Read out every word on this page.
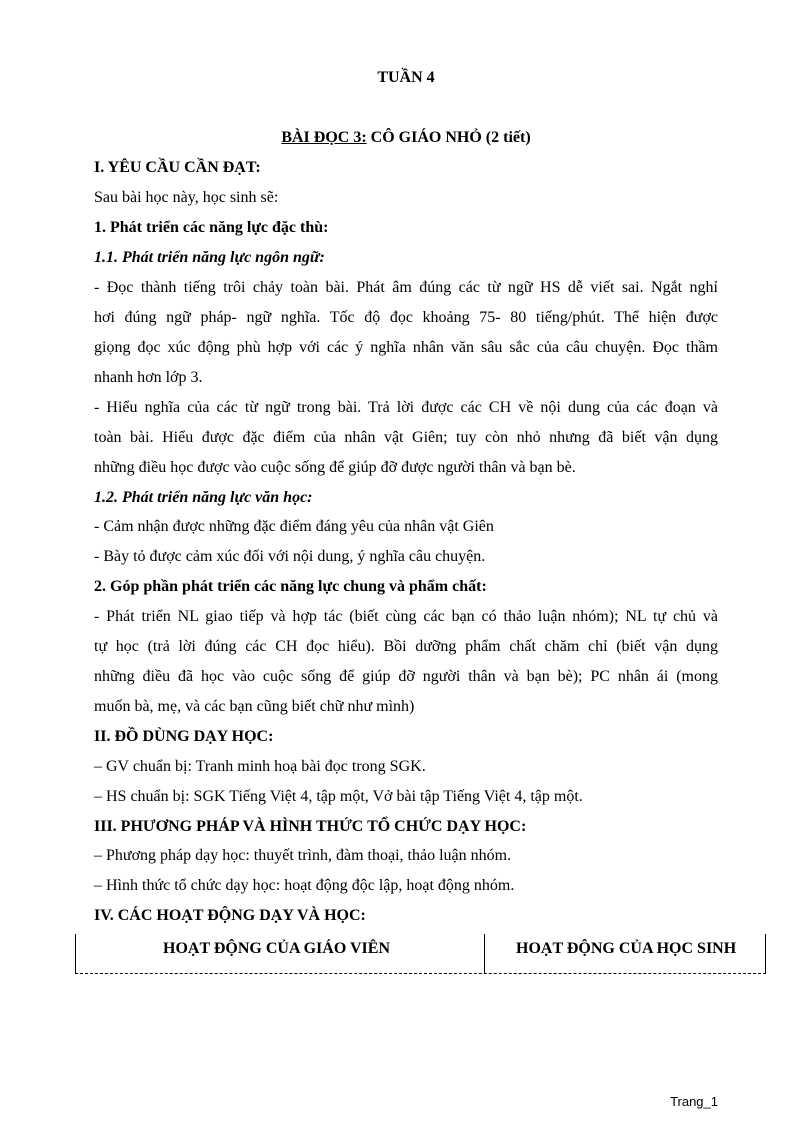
TUẦN 4
BÀI ĐỌC 3: CÔ GIÁO NHỎ (2 tiết)
I. YÊU CẦU CẦN ĐẠT:
Sau bài học này, học sinh sẽ:
1. Phát triển các năng lực đặc thù:
1.1. Phát triển năng lực ngôn ngữ:
- Đọc thành tiếng trôi chảy toàn bài. Phát âm đúng các từ ngữ HS dễ viết sai. Ngắt nghỉ
hơi đúng ngữ pháp- ngữ nghĩa. Tốc độ đọc khoảng 75- 80 tiếng/phút. Thể hiện được
giọng đọc xúc động phù hợp với các ý nghĩa nhân văn sâu sắc của câu chuyện. Đọc thầm
nhanh hơn lớp 3.
- Hiểu nghĩa của các từ ngữ trong bài. Trả lời được các CH về nội dung của các đoạn và
toàn bài. Hiểu được đặc điểm của nhân vật Giên; tuy còn nhỏ nhưng đã biết vận dụng
những điều học được vào cuộc sống để giúp đỡ được người thân và bạn bè.
1.2. Phát triển năng lực văn học:
- Cảm nhận được những đặc điểm đáng yêu của nhân vật Giên
- Bày tỏ được cảm xúc đối với nội dung, ý nghĩa câu chuyện.
2. Góp phần phát triển các năng lực chung và phẩm chất:
- Phát triển NL giao tiếp và hợp tác (biết cùng các bạn có thảo luận nhóm); NL tự chủ và
tự học (trả lời đúng các CH đọc hiểu). Bồi dưỡng phẩm chất chăm chỉ (biết vận dụng
những điều đã học vào cuộc sống để giúp đỡ người thân và bạn bè); PC nhân ái (mong
muốn bà, mẹ, và các bạn cũng biết chữ như mình)
II. ĐỒ DÙNG DẠY HỌC:
– GV chuẩn bị: Tranh minh hoạ bài đọc trong SGK.
– HS chuẩn bị: SGK Tiếng Việt 4, tập một, Vở bài tập Tiếng Việt 4, tập một.
III. PHƯƠNG PHÁP VÀ HÌNH THỨC TỔ CHỨC DẠY HỌC:
– Phương pháp dạy học: thuyết trình, đàm thoại, thảo luận nhóm.
– Hình thức tổ chức dạy học: hoạt động độc lập, hoạt động nhóm.
IV. CÁC HOẠT ĐỘNG DẠY VÀ HỌC:
HOẠT ĐỘNG CỦA GIÁO VIÊN	HOẠT ĐỘNG CỦA HỌC SINH
Trang_1
